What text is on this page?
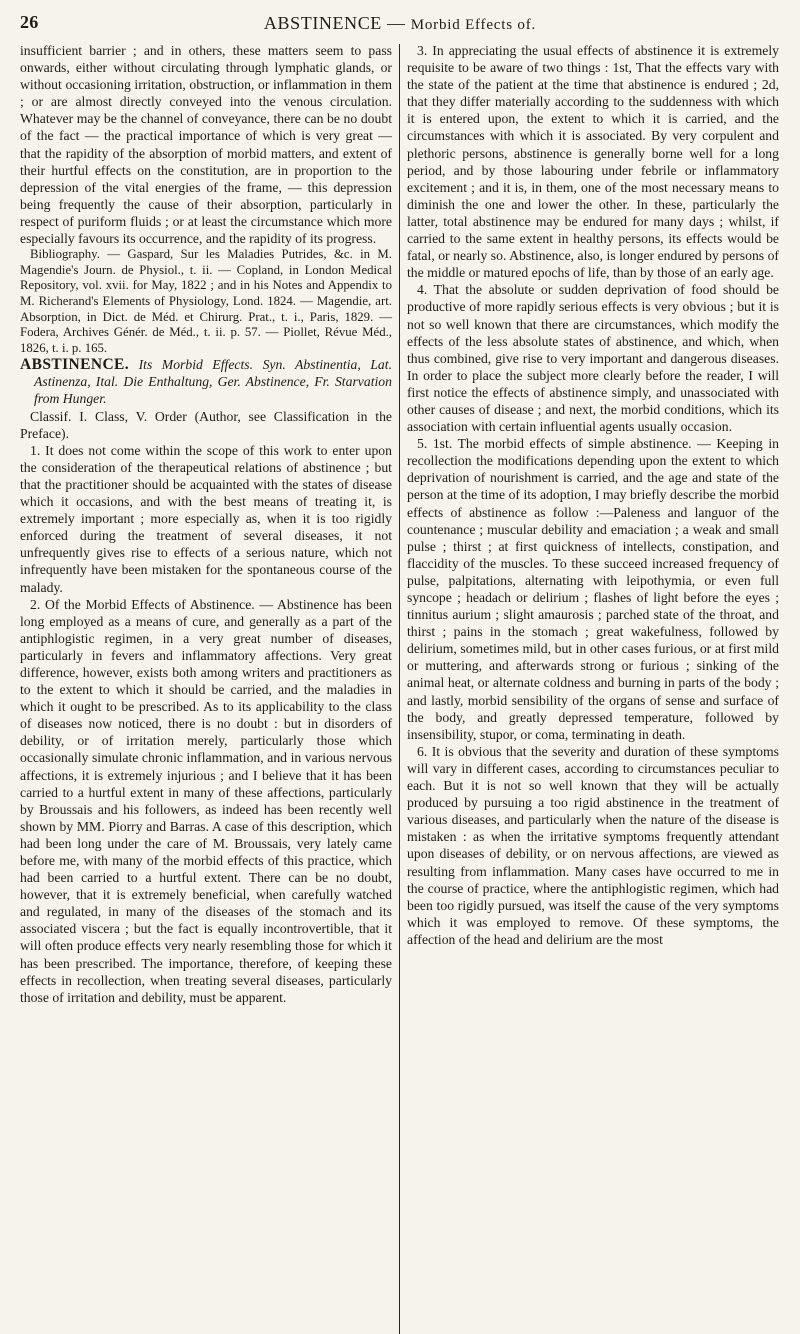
26	ABSTINENCE — Morbid Effects of.

insufficient barrier ; and in others, these matters seem to pass onwards, either without circulating through lymphatic glands, or without occasioning irritation, obstruction, or inflammation in them ; or are almost directly conveyed into the venous circulation. Whatever may be the channel of conveyance, there can be no doubt of the fact — the practical importance of which is very great — that the rapidity of the absorption of morbid matters, and extent of their hurtful effects on the constitution, are in proportion to the depression of the vital energies of the frame, — this depression being frequently the cause of their absorption, particularly in respect of puriform fluids ; or at least the circumstance which more especially favours its occurrence, and the rapidity of its progress.

Bibliography. — Gaspard, Sur les Maladies Putrides, &c. in M. Magendie's Journ. de Physiol., t. ii. — Copland, in London Medical Repository, vol. xvii. for May, 1822 ; and in his Notes and Appendix to M. Richerand's Elements of Physiology, Lond. 1824. — Magendie, art. Absorption, in Dict. de Méd. et Chirurg. Prat., t. i., Paris, 1829. — Fodera, Archives Génér. de Méd., t. ii. p. 57. — Piollet, Révue Méd., 1826, t. i. p. 165.

ABSTINENCE. Its Morbid Effects. Syn. Abstinentia, Lat. Astinenza, Ital. Die Enthaltung, Ger. Abstinence, Fr. Starvation from Hunger.

Classif. I. Class, V. Order (Author, see Classification in the Preface).

1. It does not come within the scope of this work to enter upon the consideration of the therapeutical relations of abstinence ; but that the practitioner should be acquainted with the states of disease which it occasions, and with the best means of treating it, is extremely important ; more especially as, when it is too rigidly enforced during the treatment of several diseases, it not unfrequently gives rise to effects of a serious nature, which not infrequently have been mistaken for the spontaneous course of the malady.

2. Of the Morbid Effects of Abstinence. — Abstinence has been long employed as a means of cure, and generally as a part of the antiphlogistic regimen, in a very great number of diseases, particularly in fevers and inflammatory affections. Very great difference, however, exists both among writers and practitioners as to the extent to which it should be carried, and the maladies in which it ought to be prescribed. As to its applicability to the class of diseases now noticed, there is no doubt : but in disorders of debility, or of irritation merely, particularly those which occasionally simulate chronic inflammation, and in various nervous affections, it is extremely injurious ; and I believe that it has been carried to a hurtful extent in many of these affections, particularly by Broussais and his followers, as indeed has been recently well shown by MM. Piorry and Barras. A case of this description, which had been long under the care of M. Broussais, very lately came before me, with many of the morbid effects of this practice, which had been carried to a hurtful extent. There can be no doubt, however, that it is extremely beneficial, when carefully watched and regulated, in many of the diseases of the stomach and its associated viscera ; but the fact is equally incontrovertible, that it will often produce effects very nearly resembling those for which it has been prescribed. The importance, therefore, of keeping these effects in recollection, when treating several diseases, particularly those of irritation and debility, must be apparent.

3. In appreciating the usual effects of abstinence it is extremely requisite to be aware of two things : 1st, That the effects vary with the state of the patient at the time that abstinence is endured ; 2d, that they differ materially according to the suddenness with which it is entered upon, the extent to which it is carried, and the circumstances with which it is associated. By very corpulent and plethoric persons, abstinence is generally borne well for a long period, and by those labouring under febrile or inflammatory excitement ; and it is, in them, one of the most necessary means to diminish the one and lower the other. In these, particularly the latter, total abstinence may be endured for many days ; whilst, if carried to the same extent in healthy persons, its effects would be fatal, or nearly so. Abstinence, also, is longer endured by persons of the middle or matured epochs of life, than by those of an early age.

4. That the absolute or sudden deprivation of food should be productive of more rapidly serious effects is very obvious ; but it is not so well known that there are circumstances, which modify the effects of the less absolute states of abstinence, and which, when thus combined, give rise to very important and dangerous diseases. In order to place the subject more clearly before the reader, I will first notice the effects of abstinence simply, and unassociated with other causes of disease ; and next, the morbid conditions, which its association with certain influential agents usually occasion.

5. 1st. The morbid effects of simple abstinence. — Keeping in recollection the modifications depending upon the extent to which deprivation of nourishment is carried, and the age and state of the person at the time of its adoption, I may briefly describe the morbid effects of abstinence as follow :—Paleness and languor of the countenance ; muscular debility and emaciation ; a weak and small pulse ; thirst ; at first quickness of intellects, constipation, and flaccidity of the muscles. To these succeed increased frequency of pulse, palpitations, alternating with leipothymia, or even full syncope ; headach or delirium ; flashes of light before the eyes ; tinnitus aurium ; slight amaurosis ; parched state of the throat, and thirst ; pains in the stomach ; great wakefulness, followed by delirium, sometimes mild, but in other cases furious, or at first mild or muttering, and afterwards strong or furious ; sinking of the animal heat, or alternate coldness and burning in parts of the body ; and lastly, morbid sensibility of the organs of sense and surface of the body, and greatly depressed temperature, followed by insensibility, stupor, or coma, terminating in death.

6. It is obvious that the severity and duration of these symptoms will vary in different cases, according to circumstances peculiar to each. But it is not so well known that they will be actually produced by pursuing a too rigid abstinence in the treatment of various diseases, and particularly when the nature of the disease is mistaken : as when the irritative symptoms frequently attendant upon diseases of debility, or on nervous affections, are viewed as resulting from inflammation. Many cases have occurred to me in the course of practice, where the antiphlogistic regimen, which had been too rigidly pursued, was itself the cause of the very symptoms which it was employed to remove. Of these symptoms, the affection of the head and delirium are the most
